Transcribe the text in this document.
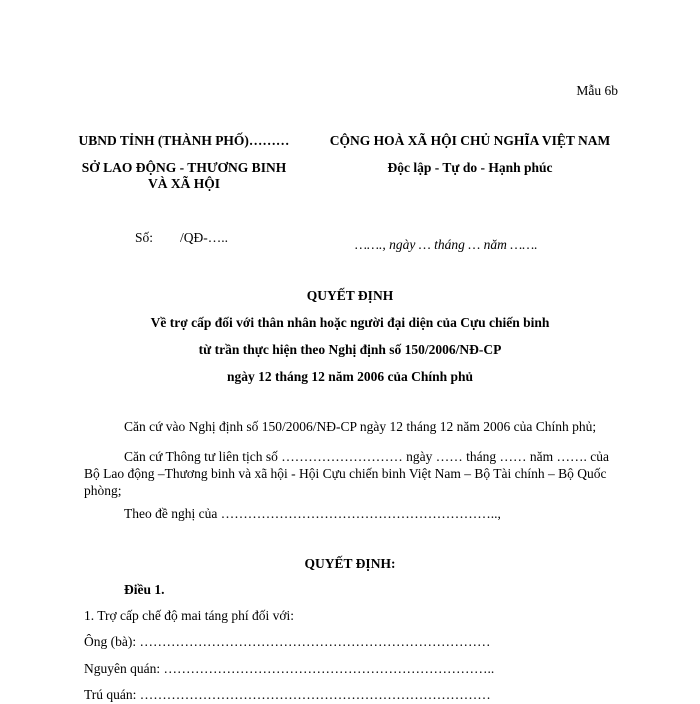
Mẫu 6b
UBND TỈNH (THÀNH PHỐ)………
SỞ LAO ĐỘNG - THƯƠNG BINH
VÀ XÃ HỘI
CỘNG HOÀ XÃ HỘI CHỦ NGHĨA VIỆT NAM
Độc lập - Tự do - Hạnh phúc
Số: /QĐ-…..	……., ngày … tháng … năm …….
QUYẾT ĐỊNH
Về trợ cấp đối với thân nhân hoặc người đại diện của Cựu chiến binh
từ trần thực hiện theo Nghị định số 150/2006/NĐ-CP
ngày 12 tháng 12 năm 2006 của Chính phủ
Căn cứ vào Nghị định số 150/2006/NĐ-CP ngày 12 tháng 12 năm 2006 của Chính phủ;
Căn cứ Thông tư liên tịch số ……………………… ngày …… tháng …… năm ……. của Bộ Lao động –Thương binh và xã hội - Hội Cựu chiến binh Việt Nam – Bộ Tài chính – Bộ Quốc phòng;
Theo đề nghị của ……………………………………………………..,
QUYẾT ĐỊNH:
Điều 1.
1. Trợ cấp chế độ mai táng phí đối với:
Ông (bà): ……………………………………………………………………
Nguyên quán: ………………………………………………………………..
Trú quán: ……………………………………………………………………
